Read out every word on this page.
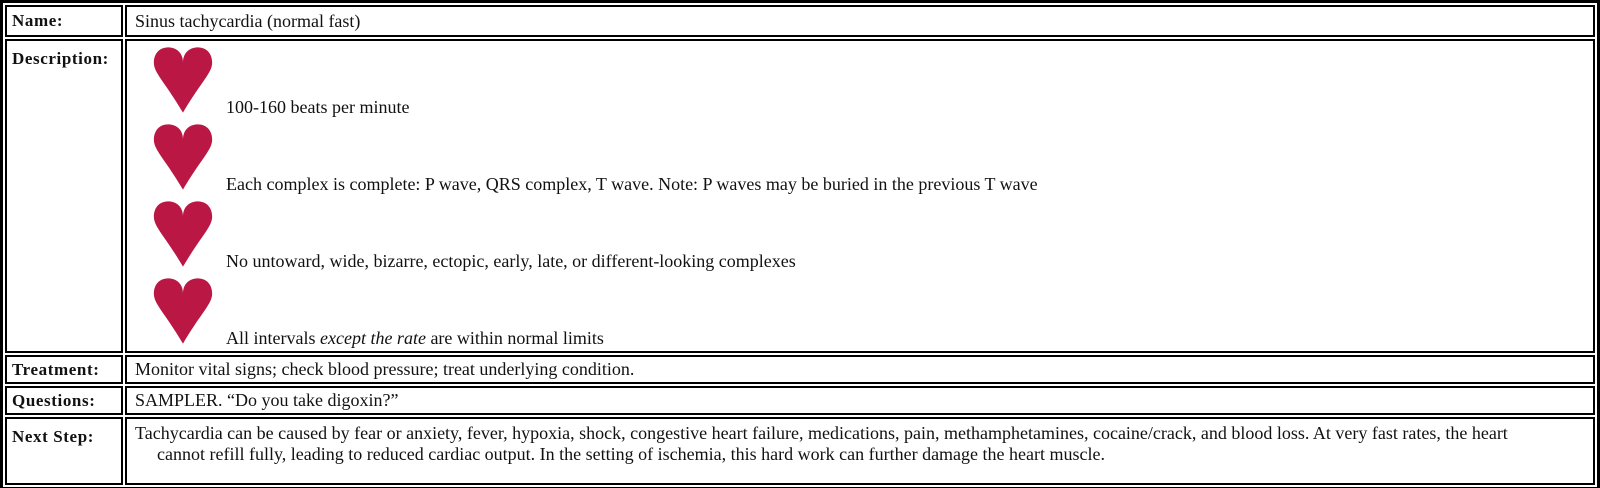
Name:	Sinus tachycardia (normal fast)
Description:	100-160 beats per minute
Each complex is complete: P wave, QRS complex, T wave. Note: P waves may be buried in the previous T wave
No untoward, wide, bizarre, ectopic, early, late, or different-looking complexes
All intervals except the rate are within normal limits

Treatment:	Monitor vital signs; check blood pressure; treat underlying condition.
Questions:	SAMPLER. “Do you take digoxin?”
Next Step:	Tachycardia can be caused by fear or anxiety, fever, hypoxia, shock, congestive heart failure, medications, pain, methamphetamines, cocaine/crack, and blood loss. At very fast rates, the heart cannot refill fully, leading to reduced cardiac output. In the setting of ischemia, this hard work can further damage the heart muscle.
